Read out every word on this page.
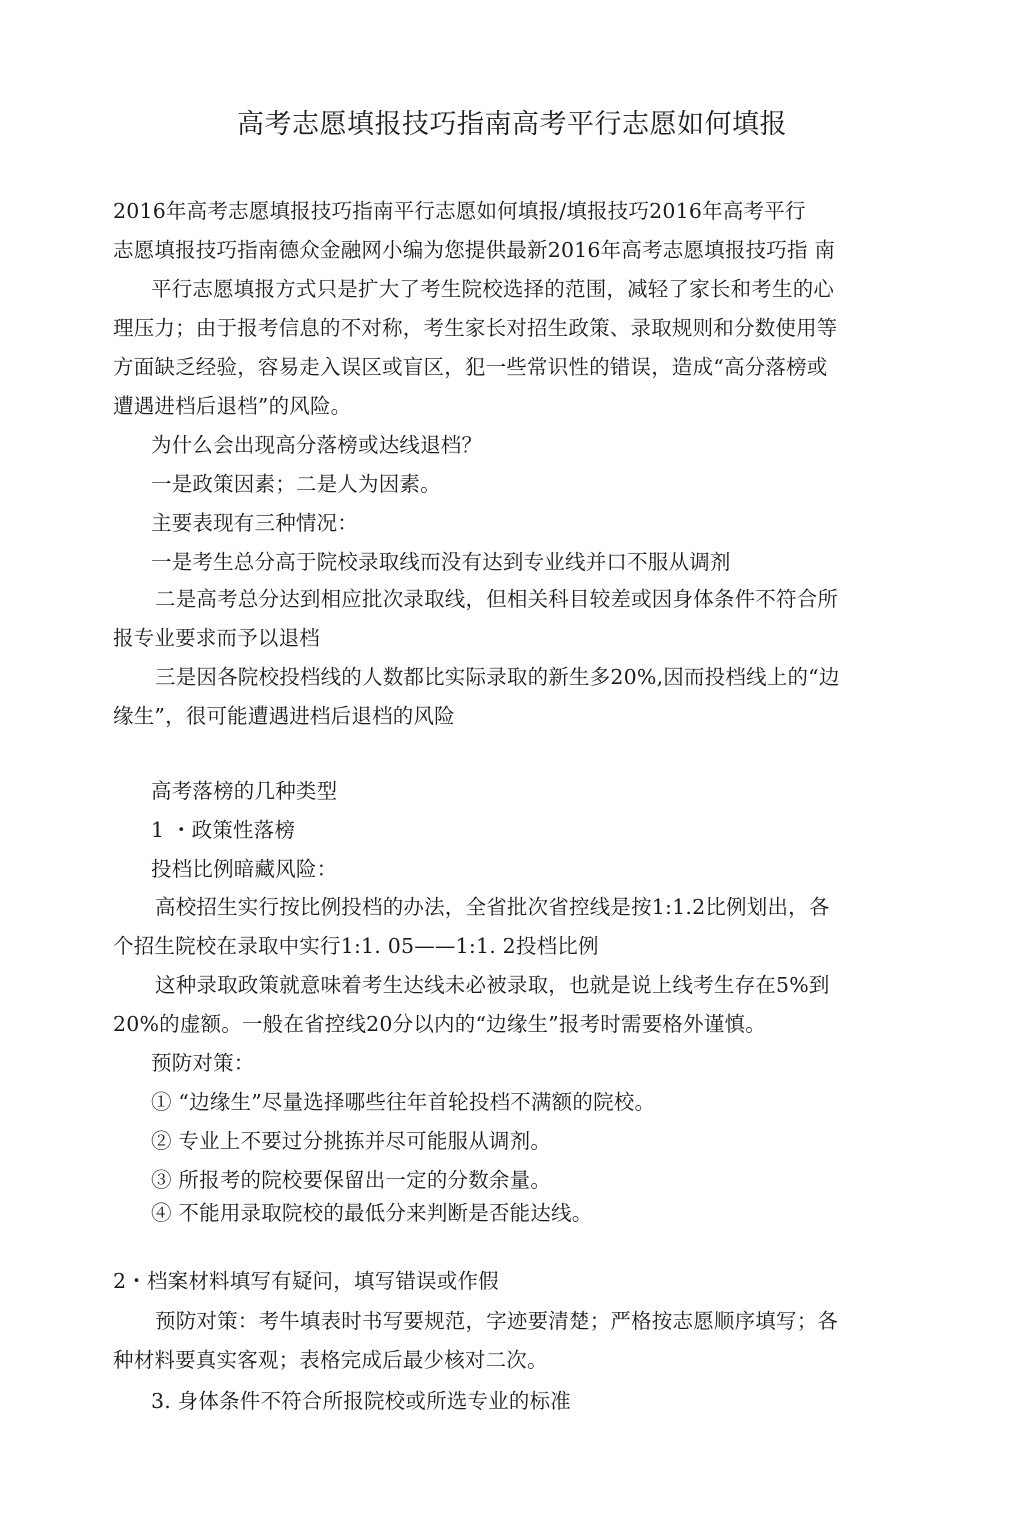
高考志愿填报技巧指南高考平行志愿如何填报
2016年高考志愿填报技巧指南平行志愿如何填报/填报技巧2016年高考平行
志愿填报技巧指南德众金融网小编为您提供最新2016年高考志愿填报技巧指 南
平行志愿填报方式只是扩大了考生院校选择的范围，减轻了家长和考生的心
理压力；由于报考信息的不对称，考生家长对招生政策、录取规则和分数使用等
方面缺乏经验，容易走入误区或盲区，犯一些常识性的错误，造成“高分落榜或
遭遇进档后退档”的风险。
为什么会出现高分落榜或达线退档？
一是政策因素；二是人为因素。
主要表现有三种情况：
一是考生总分高于院校录取线而没有达到专业线并口不服从调剂
二是高考总分达到相应批次录取线，但相关科目较差或因身体条件不符合所
报专业要求而予以退档
三是因各院校投档线的人数都比实际录取的新生多20%,因而投档线上的“边
缘生”，很可能遭遇进档后退档的风险
高考落榜的几种类型
1 ・政策性落榜
投档比例暗藏风险：
高校招生实行按比例投档的办法，全省批次省控线是按1:1.2比例划出，各
个招生院校在录取中实行1:1. 05——1:1. 2投档比例
这种录取政策就意味着考生达线未必被录取，也就是说上线考生存在5%到
20%的虚额。一般在省控线20分以内的“边缘生”报考时需要格外谨慎。
预防对策：
① “边缘生”尽量选择哪些往年首轮投档不满额的院校。
② 专业上不要过分挑拣并尽可能服从调剂。
③ 所报考的院校要保留出一定的分数余量。
④ 不能用录取院校的最低分来判断是否能达线。
2・档案材料填写有疑问，填写错误或作假
预防对策：考牛填表时书写要规范，字迹要清楚；严格按志愿顺序填写；各
种材料要真实客观；表格完成后最少核对二次。
3. 身体条件不符合所报院校或所选专业的标准
